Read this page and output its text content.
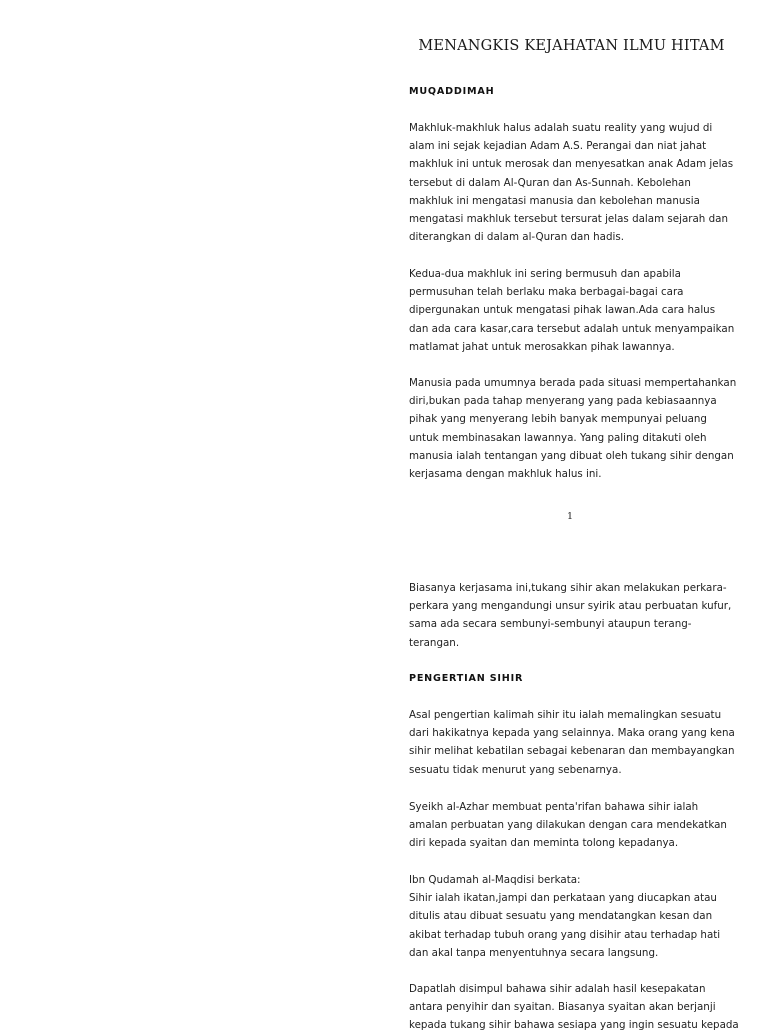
MENANGKIS KEJAHATAN ILMU HITAM
MUQADDIMAH
Makhluk-makhluk halus adalah suatu reality yang wujud di
alam ini sejak kejadian Adam A.S. Perangai dan niat jahat
makhluk ini untuk merosak dan menyesatkan anak Adam jelas
tersebut di dalam Al-Quran dan As-Sunnah. Kebolehan
makhluk ini mengatasi manusia dan kebolehan manusia
mengatasi makhluk tersebut tersurat jelas dalam sejarah dan
diterangkan di dalam al-Quran dan hadis.
Kedua-dua makhluk ini sering bermusuh dan apabila
permusuhan telah berlaku maka berbagai-bagai cara
dipergunakan untuk mengatasi pihak lawan.Ada cara halus
dan ada cara kasar,cara tersebut adalah untuk menyampaikan
matlamat jahat untuk merosakkan pihak lawannya.
Manusia pada umumnya berada pada situasi mempertahankan
diri,bukan pada tahap menyerang yang pada kebiasaannya
pihak yang menyerang lebih banyak mempunyai peluang
untuk membinasakan lawannya. Yang paling ditakuti oleh
manusia ialah tentangan yang dibuat oleh tukang sihir dengan
kerjasama dengan makhluk halus ini.
1
Biasanya kerjasama ini,tukang sihir akan melakukan perkara-
perkara yang mengandungi unsur syirik atau perbuatan kufur,
sama ada secara sembunyi-sembunyi ataupun terang-
terangan.
PENGERTIAN SIHIR
Asal pengertian kalimah sihir itu ialah memalingkan sesuatu
dari hakikatnya kepada yang selainnya. Maka orang yang kena
sihir melihat kebatilan sebagai kebenaran dan membayangkan
sesuatu tidak menurut yang sebenarnya.
Syeikh al-Azhar membuat penta'rifan bahawa sihir ialah
amalan perbuatan yang dilakukan dengan cara mendekatkan
diri kepada syaitan dan meminta tolong kepadanya.
Ibn Qudamah al-Maqdisi berkata:
Sihir ialah ikatan,jampi dan perkataan yang diucapkan atau
ditulis atau dibuat sesuatu yang mendatangkan kesan dan
akibat terhadap tubuh orang yang disihir atau terhadap hati
dan akal tanpa menyentuhnya secara langsung.
Dapatlah disimpul bahawa sihir adalah hasil kesepakatan
antara penyihir dan syaitan. Biasanya syaitan akan berjanji
kepada tukang sihir bahawa sesiapa yang ingin sesuatu kepada
